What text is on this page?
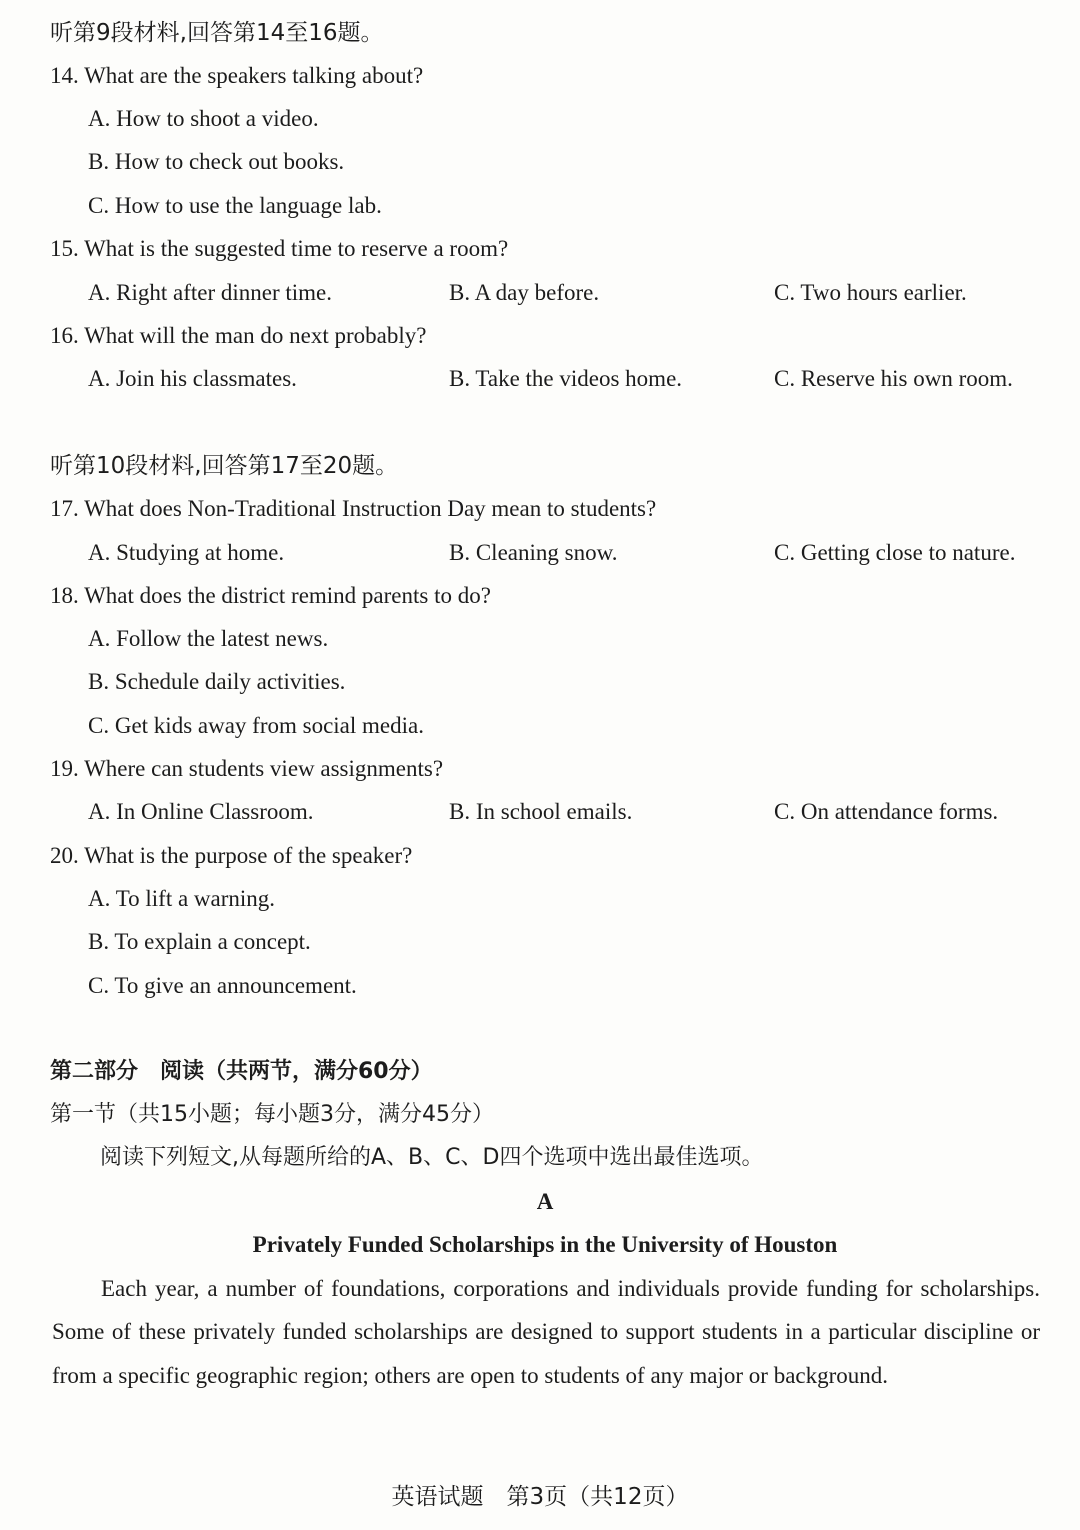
听第9段材料,回答第14至16题。
14. What are the speakers talking about?
A. How to shoot a video.
B. How to check out books.
C. How to use the language lab.
15. What is the suggested time to reserve a room?
A. Right after dinner time.	B. A day before.	C. Two hours earlier.
16. What will the man do next probably?
A. Join his classmates.	B. Take the videos home.	C. Reserve his own room.
听第10段材料,回答第17至20题。
17. What does Non-Traditional Instruction Day mean to students?
A. Studying at home.	B. Cleaning snow.	C. Getting close to nature.
18. What does the district remind parents to do?
A. Follow the latest news.
B. Schedule daily activities.
C. Get kids away from social media.
19. Where can students view assignments?
A. In Online Classroom.	B. In school emails.	C. On attendance forms.
20. What is the purpose of the speaker?
A. To lift a warning.
B. To explain a concept.
C. To give an announcement.
第二部分　阅读（共两节，满分60分）
第一节（共15小题；每小题3分，满分45分）
阅读下列短文,从每题所给的A、B、C、D四个选项中选出最佳选项。
A
Privately Funded Scholarships in the University of Houston
Each year, a number of foundations, corporations and individuals provide funding for scholarships. Some of these privately funded scholarships are designed to support students in a particular discipline or from a specific geographic region; others are open to students of any major or background.
英语试题　第3页（共12页）
